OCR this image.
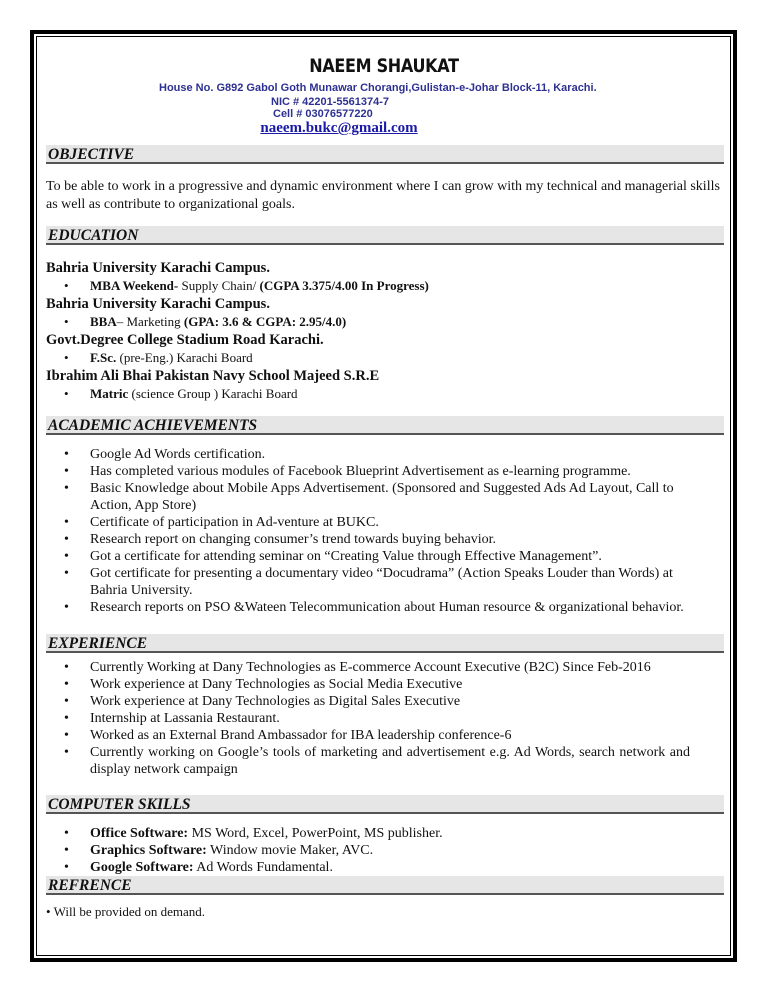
NAEEM SHAUKAT
House No. G892 Gabol Goth Munawar Chorangi,Gulistan-e-Johar Block-11, Karachi.
NIC # 42201-5561374-7
Cell # 03076577220
naeem.bukc@gmail.com
OBJECTIVE
To be able to work in a progressive and dynamic environment where I can grow with my technical and managerial skills as well as contribute to organizational goals.
EDUCATION
Bahria University Karachi Campus.
• MBA Weekend- Supply Chain/ (CGPA 3.375/4.00 In Progress)
Bahria University Karachi Campus.
• BBA– Marketing (GPA: 3.6 & CGPA: 2.95/4.0)
Govt.Degree College Stadium Road Karachi.
• F.Sc. (pre-Eng.) Karachi Board
Ibrahim Ali Bhai Pakistan Navy School Majeed S.R.E
• Matric (science Group ) Karachi Board
ACADEMIC ACHIEVEMENTS
• Google Ad Words certification.
• Has completed various modules of Facebook Blueprint Advertisement as e-learning programme.
• Basic Knowledge about Mobile Apps Advertisement. (Sponsored and Suggested Ads Ad Layout, Call to Action, App Store)
• Certificate of participation in Ad-venture at BUKC.
• Research report on changing consumer’s trend towards buying behavior.
• Got a certificate for attending seminar on “Creating Value through Effective Management”.
• Got certificate for presenting a documentary video “Docudrama” (Action Speaks Louder than Words) at Bahria University.
• Research reports on PSO &Wateen Telecommunication about Human resource & organizational behavior.
EXPERIENCE
• Currently Working at Dany Technologies as E-commerce Account Executive (B2C) Since Feb-2016
• Work experience at Dany Technologies as Social Media Executive
• Work experience at Dany Technologies as Digital Sales Executive
• Internship at Lassania Restaurant.
• Worked as an External Brand Ambassador for IBA leadership conference-6
• Currently working on Google’s tools of marketing and advertisement e.g. Ad Words, search network and display network campaign
COMPUTER SKILLS
• Office Software: MS Word, Excel, PowerPoint, MS publisher.
• Graphics Software: Window movie Maker, AVC.
• Google Software: Ad Words Fundamental.
REFRENCE
• Will be provided on demand.
